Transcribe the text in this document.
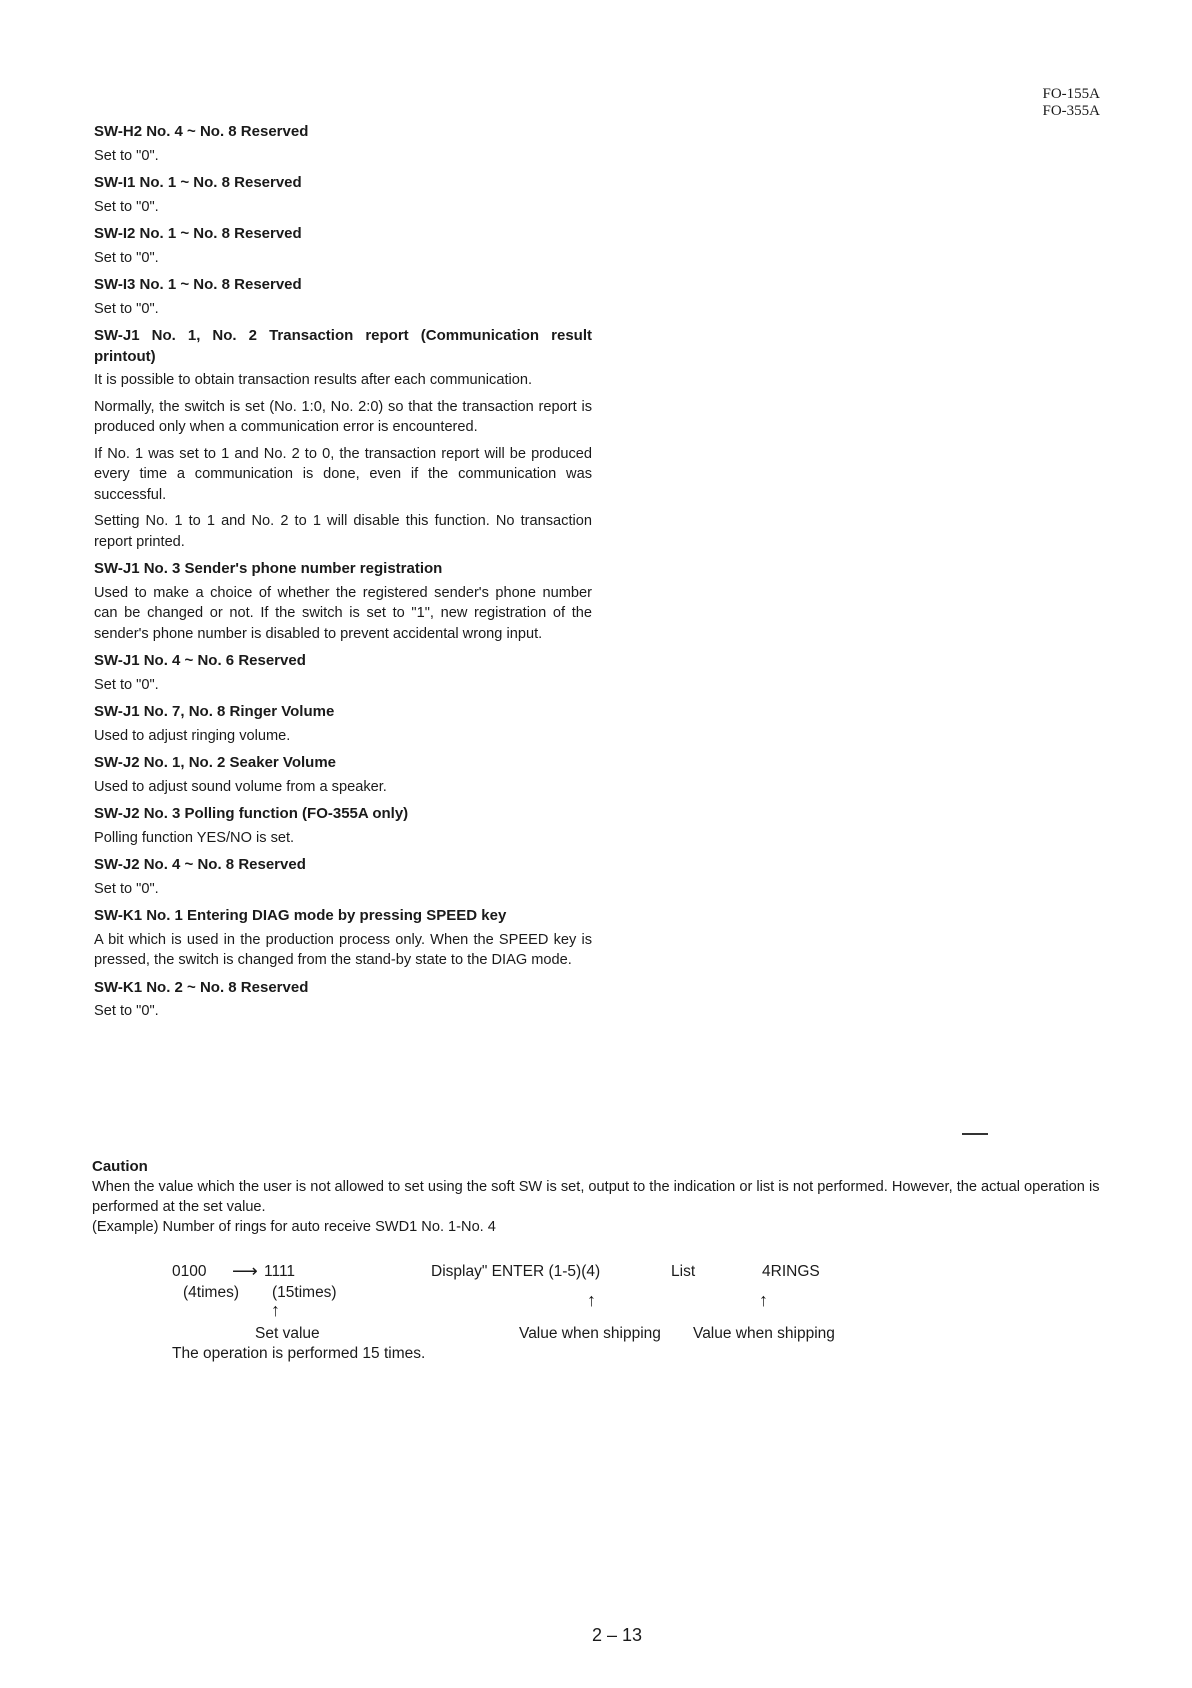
FO-155A
FO-355A
SW-H2 No. 4 ~ No. 8 Reserved

Set to "0".

SW-I1 No. 1 ~ No. 8 Reserved

Set to "0".

SW-I2 No. 1 ~ No. 8 Reserved

Set to "0".

SW-I3 No. 1 ~ No. 8 Reserved

Set to "0".

SW-J1 No. 1, No. 2 Transaction report (Communication result printout)

It is possible to obtain transaction results after each communication.

Normally, the switch is set (No. 1:0, No. 2:0) so that the transaction report is produced only when a communication error is encountered.

If No. 1 was set to 1 and No. 2 to 0, the transaction report will be produced every time a communication is done, even if the communication was successful.

Setting No. 1 to 1 and No. 2 to 1 will disable this function. No transaction report printed.

SW-J1 No. 3 Sender's phone number registration

Used to make a choice of whether the registered sender's phone number can be changed or not. If the switch is set to "1", new registration of the sender's phone number is disabled to prevent accidental wrong input.

SW-J1 No. 4 ~ No. 6 Reserved

Set to "0".

SW-J1 No. 7, No. 8 Ringer Volume

Used to adjust ringing volume.

SW-J2 No. 1, No. 2 Seaker Volume

Used to adjust sound volume from a speaker.

SW-J2 No. 3 Polling function (FO-355A only)

Polling function YES/NO is set.

SW-J2 No. 4 ~ No. 8 Reserved

Set to "0".

SW-K1 No. 1 Entering DIAG mode by pressing SPEED key

A bit which is used in the production process only. When the SPEED key is pressed, the switch is changed from the stand-by state to the DIAG mode.

SW-K1 No. 2 ~ No. 8 Reserved

Set to "0".

Caution

When the value which the user is not allowed to set using the soft SW is set, output to the indication or list is not performed. However, the actual operation is performed at the set value.

(Example) Number of rings for auto receive SWD1 No. 1-No. 4

0100 ⟶ 1111
(4times) (15times)
↑
Set value
The operation is performed 15 times.
Display" ENTER (1-5)(4)
↑
Value when shipping
List	4RINGS
↑
Value when shipping
2 – 13
